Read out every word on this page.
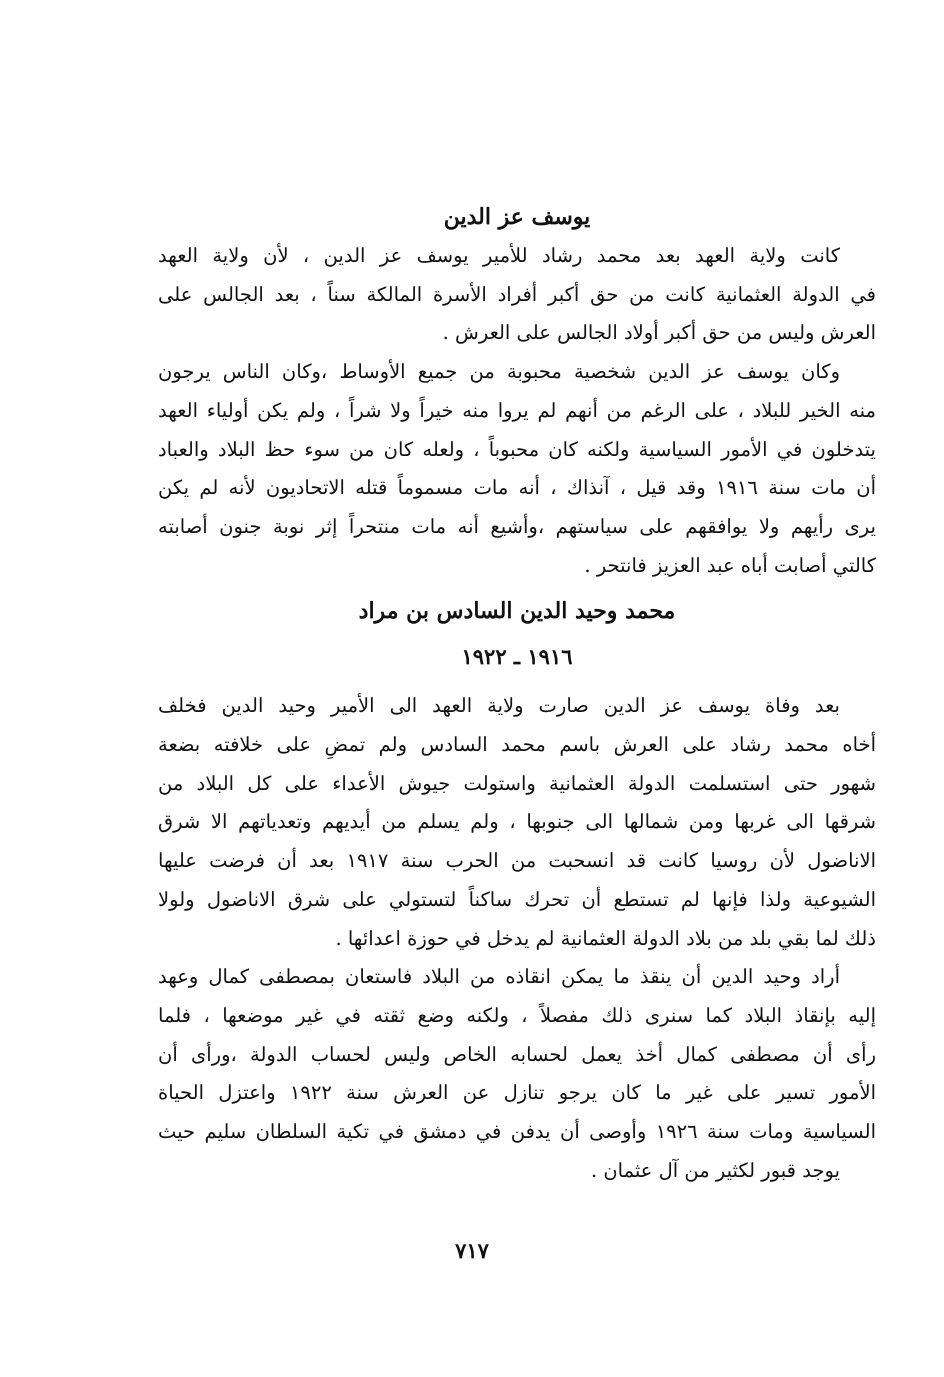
يوسف عز الدين

كانت ولاية العهد بعد محمد رشاد للأمير يوسف عز الدين ، لأن ولاية العهد
في الدولة العثمانية كانت من حق أكبر أفراد الأسرة المالكة سناً ، بعد الجالس على
العرش وليس من حق أكبر أولاد الجالس على العرش .

وكان يوسف عز الدين شخصية محبوبة من جميع الأوساط ،وكان الناس يرجون
منه الخير للبلاد ، على الرغم من أنهم لم يروا منه خيراً ولا شراً ، ولم يكن أولياء العهد
يتدخلون في الأمور السياسية ولكنه كان محبوباً ، ولعله كان من سوء حظ البلاد والعباد
أن مات سنة ١٩١٦ وقد قيل ، آنذاك ، أنه مات مسموماً قتله الاتحاديون لأنه لم يكن
يرى رأيهم ولا يوافقهم على سياستهم ،وأشيع أنه مات منتحراً إثر نوبة جنون أصابته
كالتي أصابت أباه عبد العزيز فانتحر .

محمد وحيد الدين السادس بن مراد
١٩١٦ ـ ١٩٢٢

بعد وفاة يوسف عز الدين صارت ولاية العهد الى الأمير وحيد الدين فخلف
أخاه محمد رشاد على العرش باسم محمد السادس ولم تمضِ على خلافته بضعة
شهور حتى استسلمت الدولة العثمانية واستولت جيوش الأعداء على كل البلاد من
شرقها الى غربها ومن شمالها الى جنوبها ، ولم يسلم من أيديهم وتعدياتهم الا شرق
الاناضول لأن روسيا كانت قد انسحبت من الحرب سنة ١٩١٧ بعد أن فرضت عليها
الشيوعية ولذا فإنها لم تستطع أن تحرك ساكناً لتستولي على شرق الاناضول ولولا
ذلك لما بقي بلد من بلاد الدولة العثمانية لم يدخل في حوزة اعدائها .

أراد وحيد الدين أن ينقذ ما يمكن انقاذه من البلاد فاستعان بمصطفى كمال وعهد
إليه بإنقاذ البلاد كما سنرى ذلك مفصلاً ، ولكنه وضع ثقته في غير موضعها ، فلما
رأى أن مصطفى كمال أخذ يعمل لحسابه الخاص وليس لحساب الدولة ،ورأى أن
الأمور تسير على غير ما كان يرجو تنازل عن العرش سنة ١٩٢٢ واعتزل الحياة
السياسية ومات سنة ١٩٢٦ وأوصى أن يدفن في دمشق في تكية السلطان سليم حيث
يوجد قبور لكثير من آل عثمان .

٧١٧
